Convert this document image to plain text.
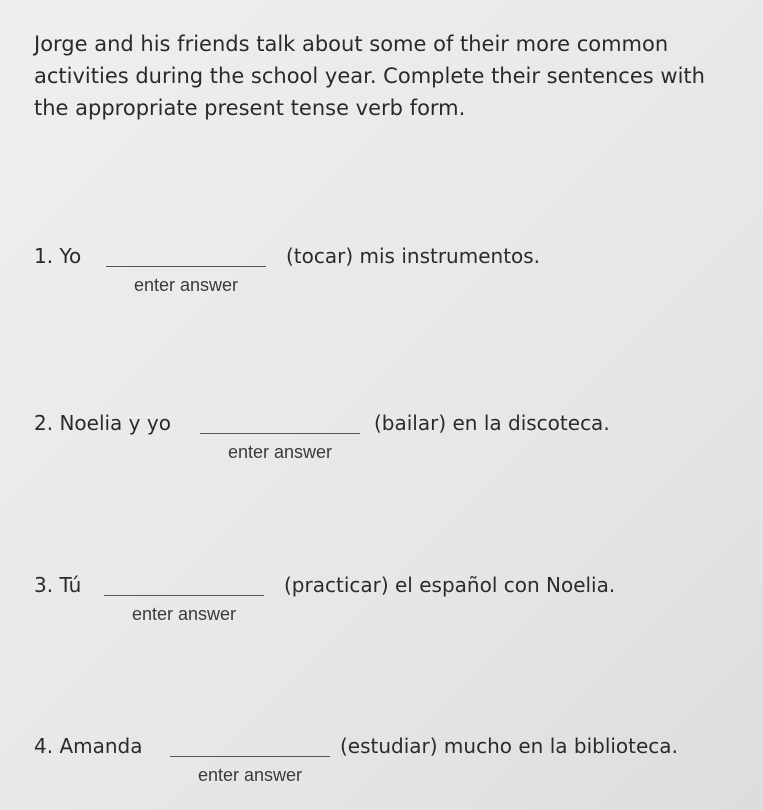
Jorge and his friends talk about some of their more common activities during the school year. Complete their sentences with the appropriate present tense verb form.

1. Yo
enter answer
(tocar) mis instrumentos.
2. Noelia y yo
enter answer
(bailar) en la discoteca.
3. Tú
enter answer
(practicar) el español con Noelia.
4. Amanda
enter answer
(estudiar) mucho en la biblioteca.
